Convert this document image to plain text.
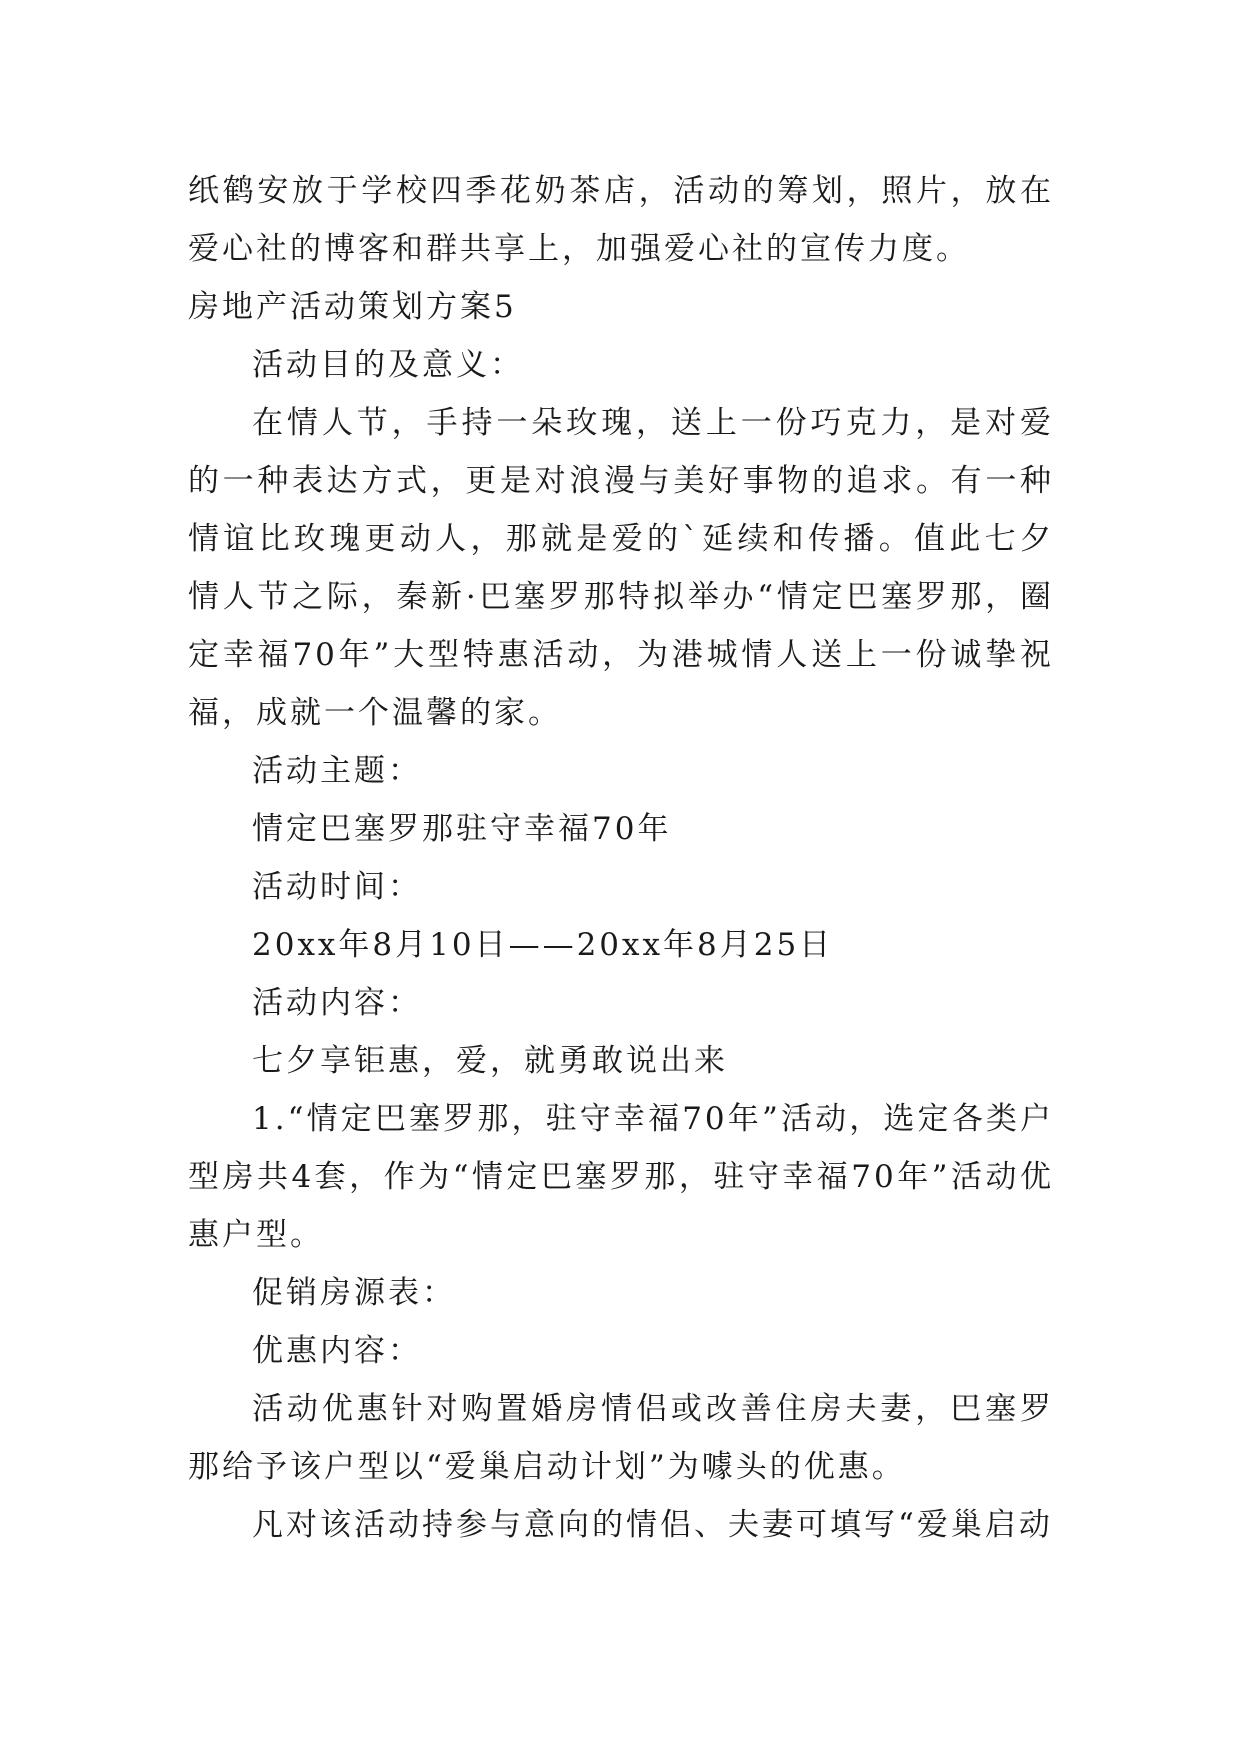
纸鹤安放于学校四季花奶茶店，活动的筹划，照片，放在爱心社的博客和群共享上，加强爱心社的宣传力度。

房地产活动策划方案5

活动目的及意义：

在情人节，手持一朵玫瑰，送上一份巧克力，是对爱的一种表达方式，更是对浪漫与美好事物的追求。有一种情谊比玫瑰更动人，那就是爱的`延续和传播。值此七夕情人节之际，秦新·巴塞罗那特拟举办“情定巴塞罗那，圈定幸福70年”大型特惠活动，为港城情人送上一份诚挚祝福，成就一个温馨的家。

活动主题：

情定巴塞罗那驻守幸福70年

活动时间：

20xx年8月10日——20xx年8月25日

活动内容：

七夕享钜惠，爱，就勇敢说出来

1.“情定巴塞罗那，驻守幸福70年”活动，选定各类户型房共4套，作为“情定巴塞罗那，驻守幸福70年”活动优惠户型。

促销房源表：

优惠内容：

活动优惠针对购置婚房情侣或改善住房夫妻，巴塞罗那给予该户型以“爱巢启动计划”为噱头的优惠。

凡对该活动持参与意向的情侣、夫妻可填写“爱巢启动
